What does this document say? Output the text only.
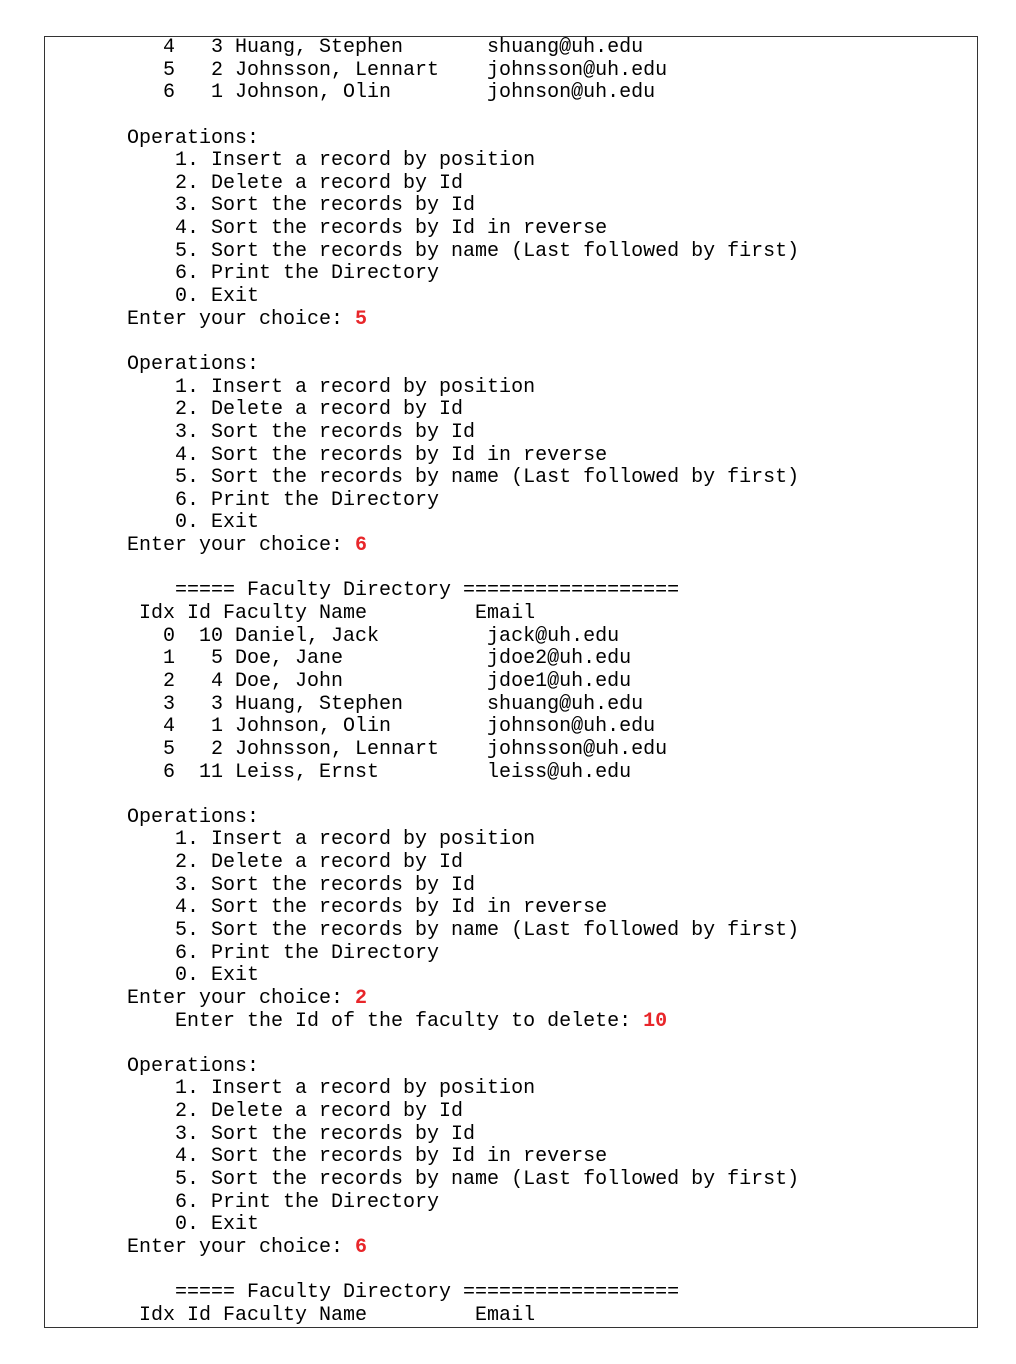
4   3 Huang, Stephen       shuang@uh.edu
5   2 Johnsson, Lennart    johnsson@uh.edu
6   1 Johnson, Olin        johnson@uh.edu
Operations:
1. Insert a record by position
2. Delete a record by Id
3. Sort the records by Id
4. Sort the records by Id in reverse
5. Sort the records by name (Last followed by first)
6. Print the Directory
0. Exit
Enter your choice: 5
Operations:
1. Insert a record by position
2. Delete a record by Id
3. Sort the records by Id
4. Sort the records by Id in reverse
5. Sort the records by name (Last followed by first)
6. Print the Directory
0. Exit
Enter your choice: 6
===== Faculty Directory ==================
Idx Id Faculty Name         Email
0  10 Daniel, Jack         jack@uh.edu
1   5 Doe, Jane            jdoe2@uh.edu
2   4 Doe, John            jdoe1@uh.edu
3   3 Huang, Stephen       shuang@uh.edu
4   1 Johnson, Olin        johnson@uh.edu
5   2 Johnsson, Lennart    johnsson@uh.edu
6  11 Leiss, Ernst         leiss@uh.edu
Operations:
1. Insert a record by position
2. Delete a record by Id
3. Sort the records by Id
4. Sort the records by Id in reverse
5. Sort the records by name (Last followed by first)
6. Print the Directory
0. Exit
Enter your choice: 2
Enter the Id of the faculty to delete: 10
Operations:
1. Insert a record by position
2. Delete a record by Id
3. Sort the records by Id
4. Sort the records by Id in reverse
5. Sort the records by name (Last followed by first)
6. Print the Directory
0. Exit
Enter your choice: 6
===== Faculty Directory ==================
Idx Id Faculty Name         Email
